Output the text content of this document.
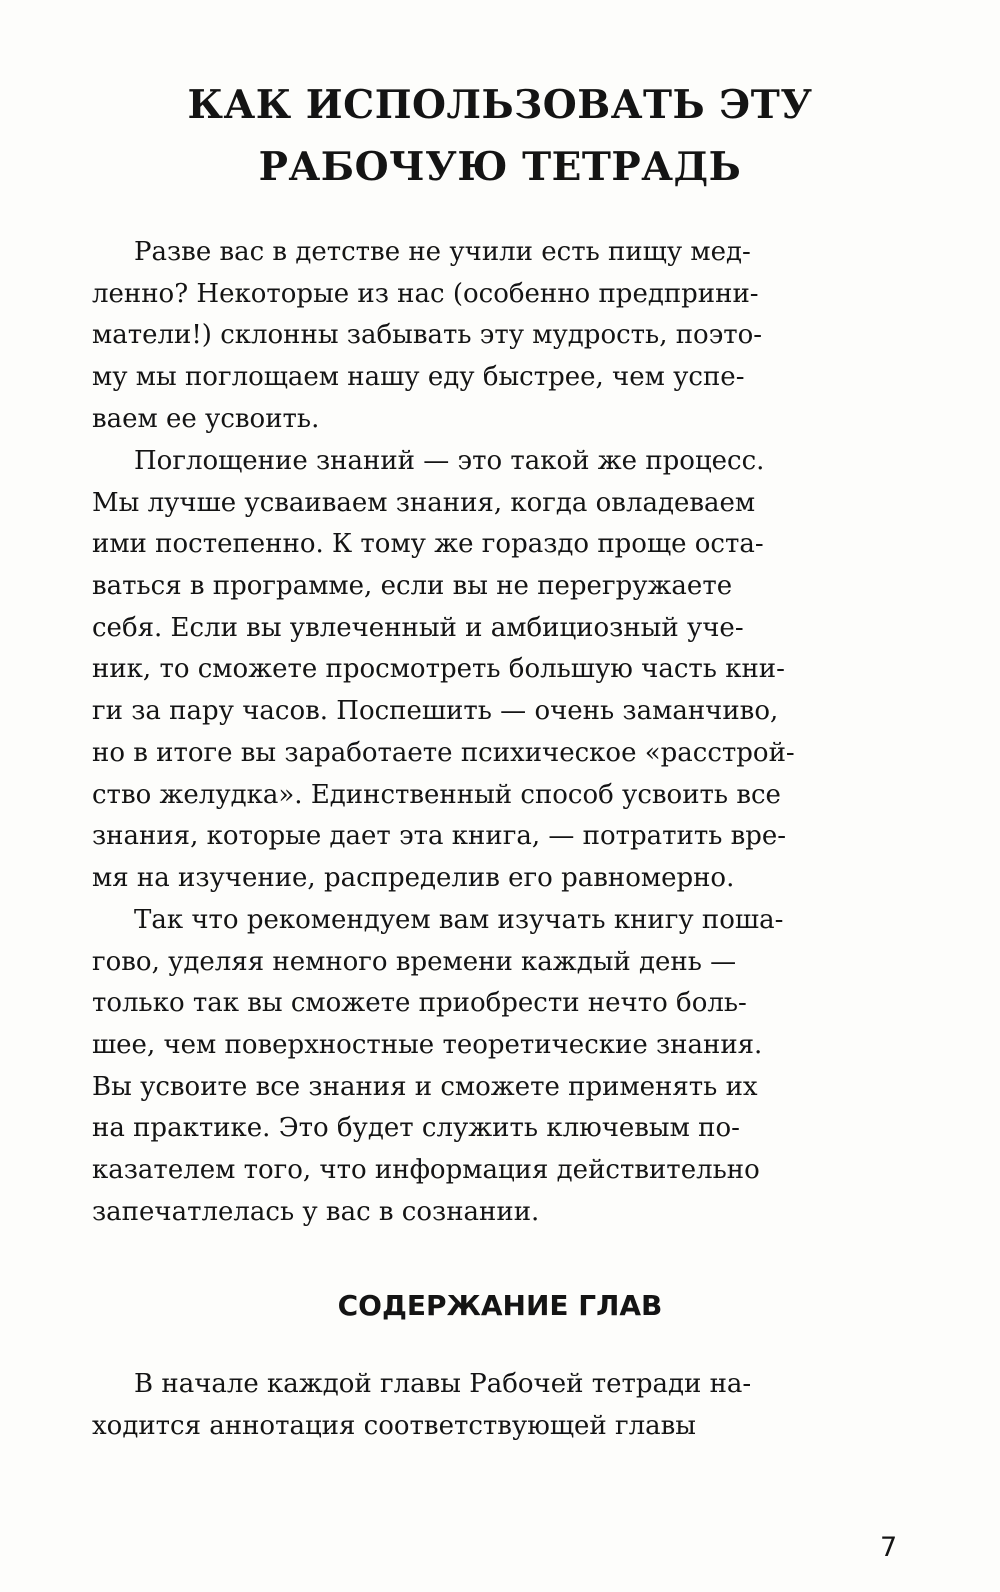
КАК ИСПОЛЬЗОВАТЬ ЭТУ
РАБОЧУЮ ТЕТРАДЬ
Разве вас в детстве не учили есть пищу мед-
ленно? Некоторые из нас (особенно предприни-
матели!) склонны забывать эту мудрость, поэто-
му мы поглощаем нашу еду быстрее, чем успе-
ваем ее усвоить.
Поглощение знаний — это такой же процесс.
Мы лучше усваиваем знания, когда овладеваем
ими постепенно. К тому же гораздо проще оста-
ваться в программе, если вы не перегружаете
себя. Если вы увлеченный и амбициозный уче-
ник, то сможете просмотреть большую часть кни-
ги за пару часов. Поспешить — очень заманчиво,
но в итоге вы заработаете психическое «расстрой-
ство желудка». Единственный способ усвоить все
знания, которые дает эта книга, — потратить вре-
мя на изучение, распределив его равномерно.
Так что рекомендуем вам изучать книгу поша-
гово, уделяя немного времени каждый день —
только так вы сможете приобрести нечто боль-
шее, чем поверхностные теоретические знания.
Вы усвоите все знания и сможете применять их
на практике. Это будет служить ключевым по-
казателем того, что информация действительно
запечатлелась у вас в сознании.
СОДЕРЖАНИЕ ГЛАВ
В начале каждой главы Рабочей тетради на-
ходится аннотация соответствующей главы
7
